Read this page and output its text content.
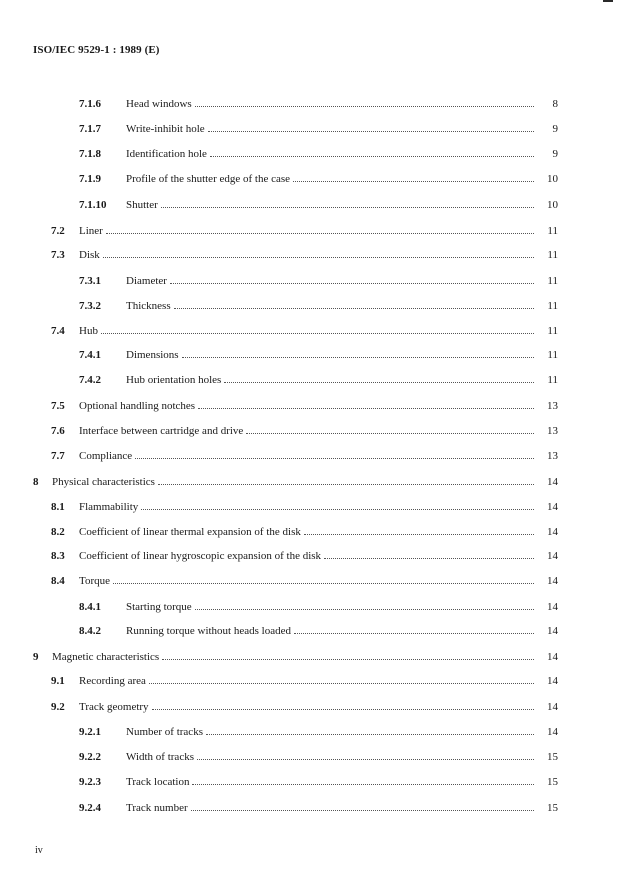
ISO/IEC 9529-1 : 1989 (E)
7.1.6 Head windows	8
7.1.7 Write-inhibit hole	9
7.1.8 Identification hole	9
7.1.9 Profile of the shutter edge of the case	10
7.1.10 Shutter	10
7.2 Liner	11
7.3 Disk	11
7.3.1 Diameter	11
7.3.2 Thickness	11
7.4 Hub	11
7.4.1 Dimensions	11
7.4.2 Hub orientation holes	11
7.5 Optional handling notches	13
7.6 Interface between cartridge and drive	13
7.7 Compliance	13
8 Physical characteristics	14
8.1 Flammability	14
8.2 Coefficient of linear thermal expansion of the disk	14
8.3 Coefficient of linear hygroscopic expansion of the disk	14
8.4 Torque	14
8.4.1 Starting torque	14
8.4.2 Running torque without heads loaded	14
9 Magnetic characteristics	14
9.1 Recording area	14
9.2 Track geometry	14
9.2.1 Number of tracks	14
9.2.2 Width of tracks	15
9.2.3 Track location	15
9.2.4 Track number	15
iv
